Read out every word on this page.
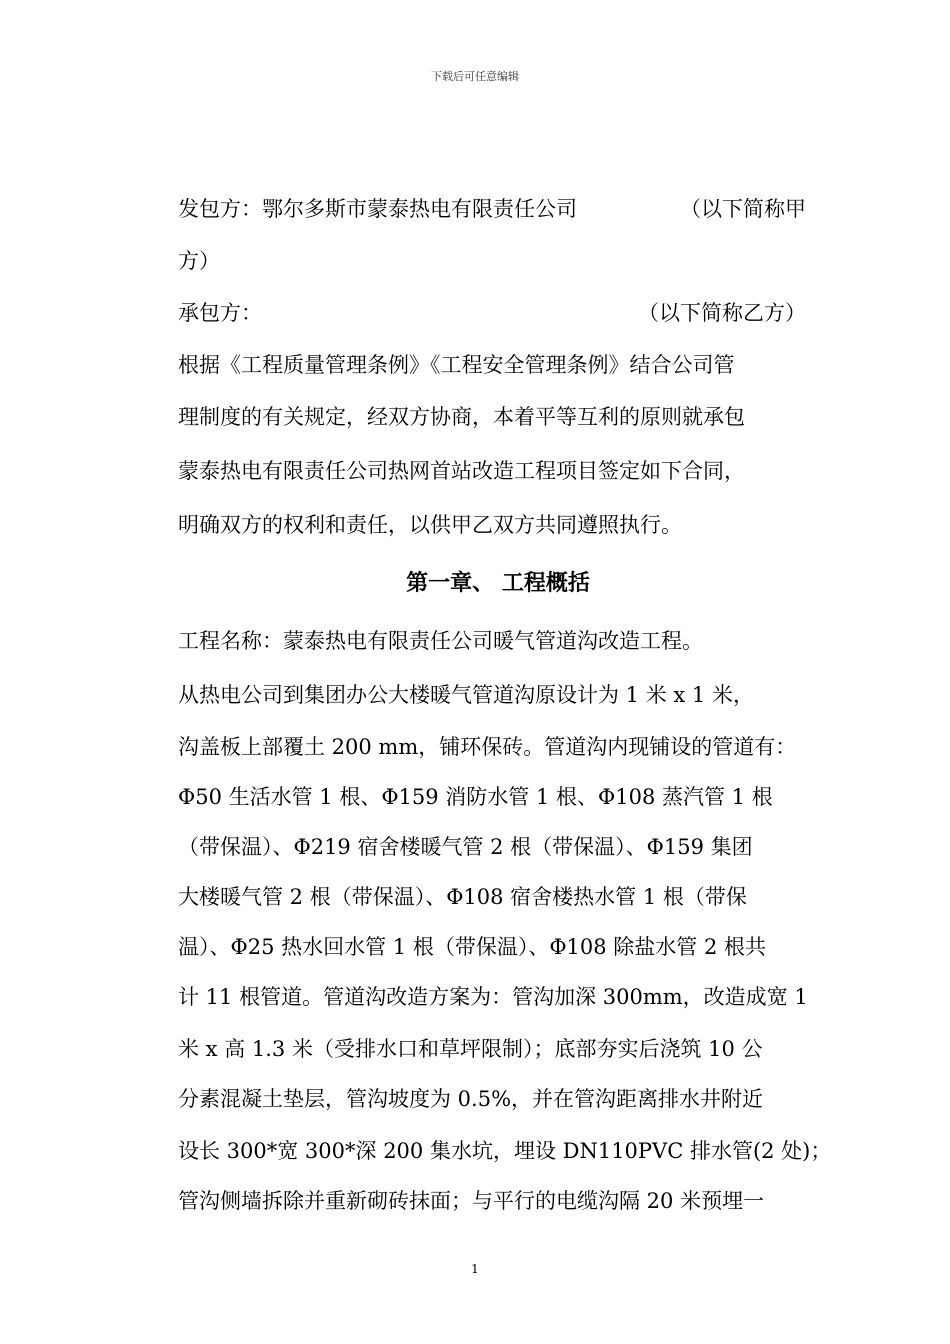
下载后可任意编辑
发包方：鄂尔多斯市蒙泰热电有限责任公司	（以下简称甲
方）
承包方：	（以下简称乙方）
根据《工程质量管理条例》《工程安全管理条例》结合公司管
理制度的有关规定，经双方协商，本着平等互利的原则就承包
蒙泰热电有限责任公司热网首站改造工程项目签定如下合同，
明确双方的权利和责任，以供甲乙双方共同遵照执行。
第一章、 工程概括
工程名称：蒙泰热电有限责任公司暖气管道沟改造工程。
从热电公司到集团办公大楼暖气管道沟原设计为 1 米 x 1 米，
沟盖板上部覆土 200 mm，铺环保砖。管道沟内现铺设的管道有：
Φ50 生活水管 1 根、Φ159 消防水管 1 根、Φ108 蒸汽管 1 根
（带保温）、Φ219 宿舍楼暖气管 2 根（带保温）、Φ159 集团
大楼暖气管 2 根（带保温）、Φ108 宿舍楼热水管 1 根（带保
温）、Φ25 热水回水管 1 根（带保温）、Φ108 除盐水管 2 根共
计 11 根管道。管道沟改造方案为：管沟加深 300mm，改造成宽 1
米 x 高 1.3 米（受排水口和草坪限制）；底部夯实后浇筑 10 公
分素混凝土垫层，管沟坡度为 0.5%，并在管沟距离排水井附近
设长 300*宽 300*深 200 集水坑，埋设 DN110PVC 排水管(2 处)；
管沟侧墙拆除并重新砌砖抹面；与平行的电缆沟隔 20 米预埋一
1
